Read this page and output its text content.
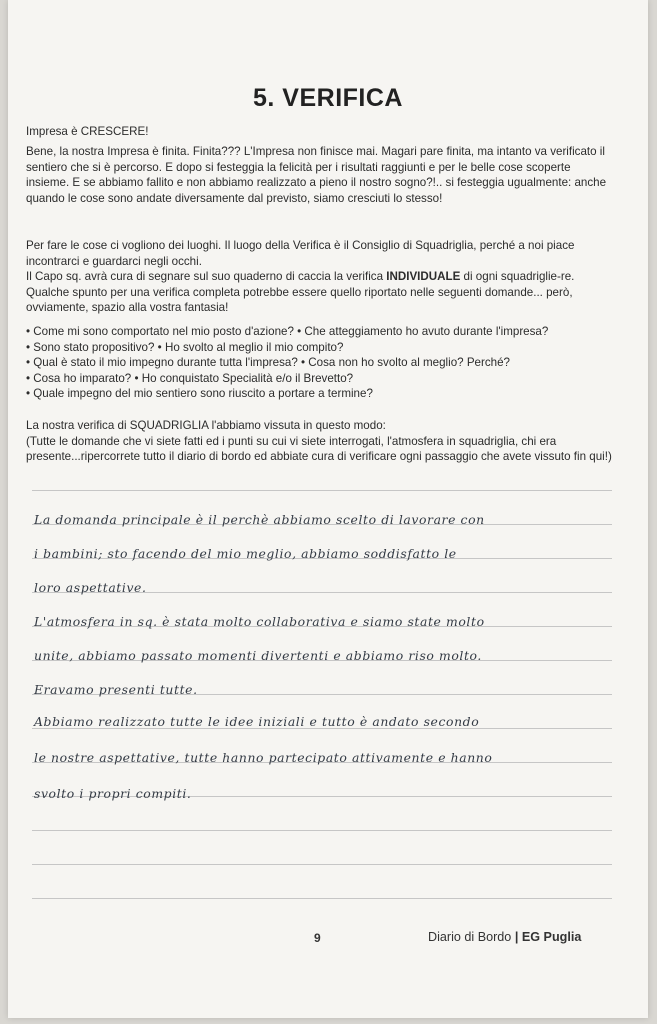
5. VERIFICA
Impresa è CRESCERE!

Bene, la nostra Impresa è finita. Finita??? L'Impresa non finisce mai. Magari pare finita, ma intanto va verificato il sentiero che si è percorso. E dopo si festeggia la felicità per i risultati raggiunti e per le belle cose scoperte insieme. E se abbiamo fallito e non abbiamo realizzato a pieno il nostro sogno?!.. si festeggia ugualmente: anche quando le cose sono andate diversamente dal previsto, siamo cresciuti lo stesso!

Per fare le cose ci vogliono dei luoghi. Il luogo della Verifica è il Consiglio di Squadriglia, perché a noi piace incontrarci e guardarci negli occhi.

Il Capo sq. avrà cura di segnare sul suo quaderno di caccia la verifica INDIVIDUALE di ogni squadriglie-re. Qualche spunto per una verifica completa potrebbe essere quello riportato nelle seguenti domande... però, ovviamente, spazio alla vostra fantasia!

• Come mi sono comportato nel mio posto d'azione? • Che atteggiamento ho avuto durante l'impresa?

• Sono stato propositivo? • Ho svolto al meglio il mio compito?

• Qual è stato il mio impegno durante tutta l'impresa? • Cosa non ho svolto al meglio? Perché?

• Cosa ho imparato? • Ho conquistato Specialità e/o il Brevetto?

• Quale impegno del mio sentiero sono riuscito a portare a termine?

La nostra verifica di SQUADRIGLIA l'abbiamo vissuta in questo modo:

(Tutte le domande che vi siete fatti ed i punti su cui vi siete interrogati, l'atmosfera in squadriglia, chi era presente...ripercorrete tutto il diario di bordo ed abbiate cura di verificare ogni passaggio che avete vissuto fin qui!)

La domanda principale è il perchè abbiamo scelto di lavorare con
i bambini; sto facendo del mio meglio, abbiamo soddisfatto le
loro aspettative.
L'atmosfera in sq. è stata molto collaborativa e siamo state molto
unite, abbiamo passato momenti divertenti e abbiamo riso molto.
Eravamo presenti tutte.
Abbiamo realizzato tutte le idee iniziali e tutto è andato secondo
le nostre aspettative, tutte hanno partecipato attivamente e hanno
svolto i propri compiti.
9	Diario di Bordo | EG Puglia
